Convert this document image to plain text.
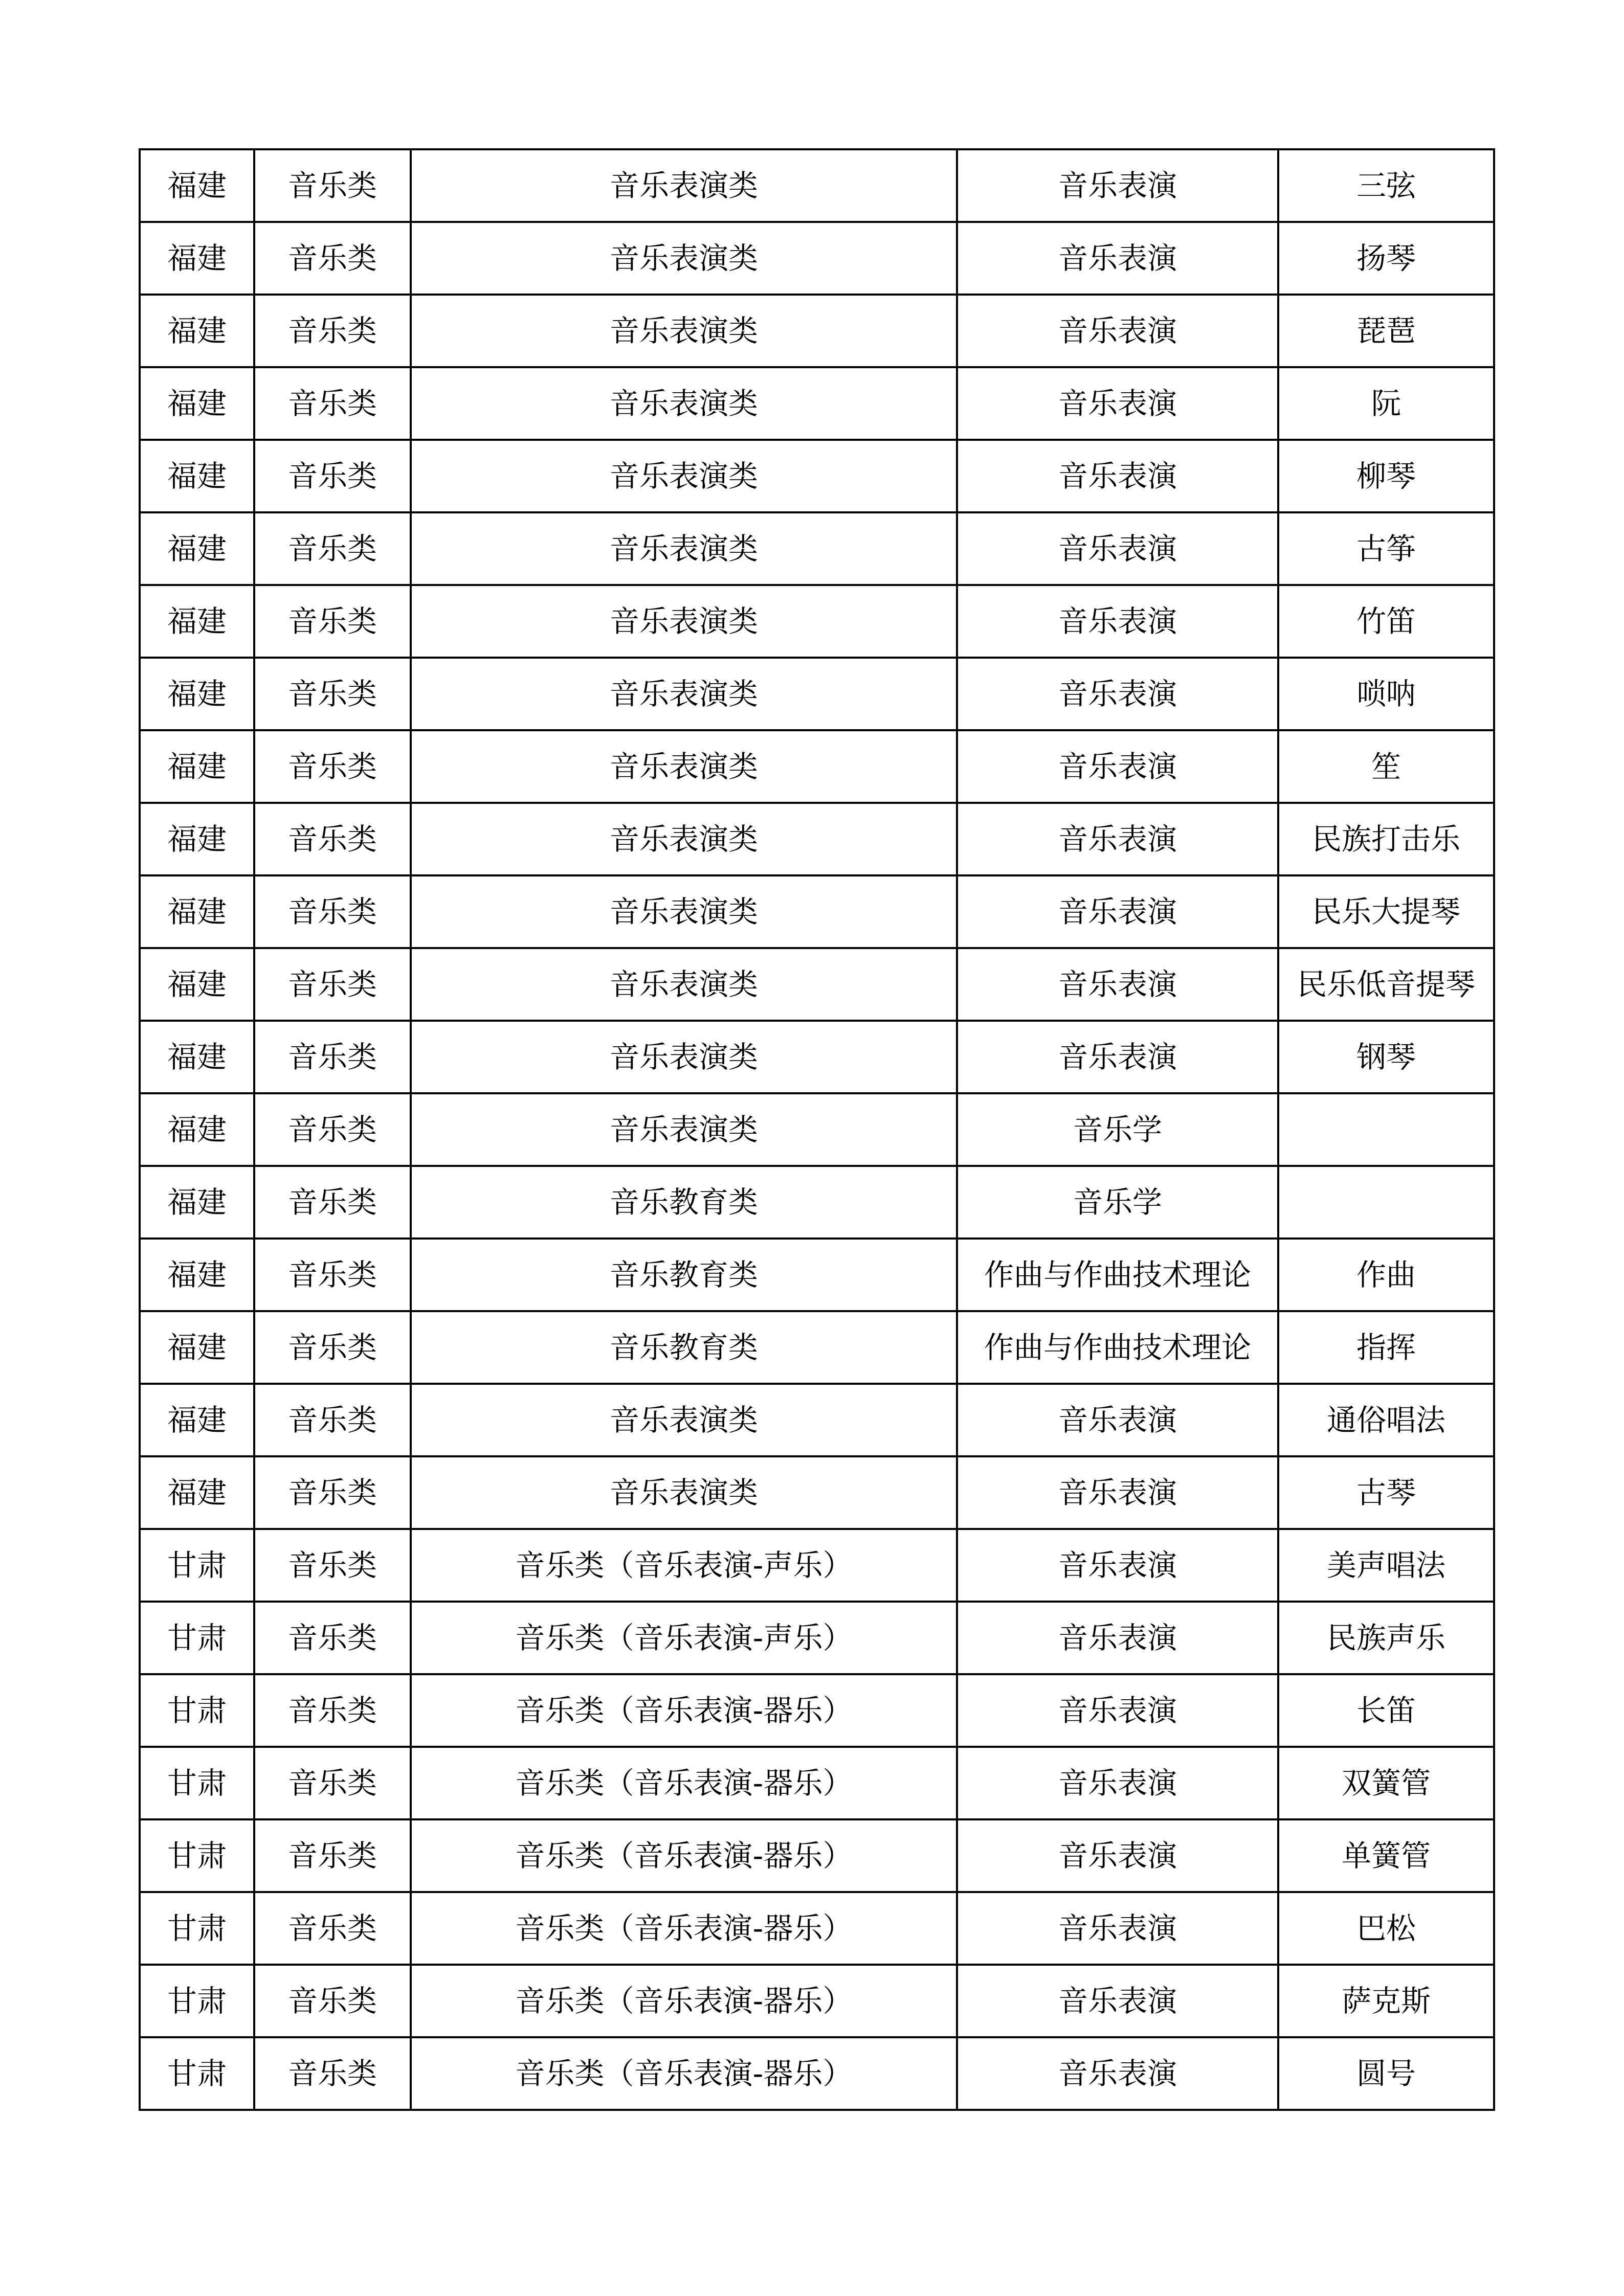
福建	音乐类	音乐表演类	音乐表演	三弦
福建	音乐类	音乐表演类	音乐表演	扬琴
福建	音乐类	音乐表演类	音乐表演	琵琶
福建	音乐类	音乐表演类	音乐表演	阮
福建	音乐类	音乐表演类	音乐表演	柳琴
福建	音乐类	音乐表演类	音乐表演	古筝
福建	音乐类	音乐表演类	音乐表演	竹笛
福建	音乐类	音乐表演类	音乐表演	唢呐
福建	音乐类	音乐表演类	音乐表演	笙
福建	音乐类	音乐表演类	音乐表演	民族打击乐
福建	音乐类	音乐表演类	音乐表演	民乐大提琴
福建	音乐类	音乐表演类	音乐表演	民乐低音提琴
福建	音乐类	音乐表演类	音乐表演	钢琴
福建	音乐类	音乐表演类	音乐学	
福建	音乐类	音乐教育类	音乐学	
福建	音乐类	音乐教育类	作曲与作曲技术理论	作曲
福建	音乐类	音乐教育类	作曲与作曲技术理论	指挥
福建	音乐类	音乐表演类	音乐表演	通俗唱法
福建	音乐类	音乐表演类	音乐表演	古琴
甘肃	音乐类	音乐类（音乐表演-声乐）	音乐表演	美声唱法
甘肃	音乐类	音乐类（音乐表演-声乐）	音乐表演	民族声乐
甘肃	音乐类	音乐类（音乐表演-器乐）	音乐表演	长笛
甘肃	音乐类	音乐类（音乐表演-器乐）	音乐表演	双簧管
甘肃	音乐类	音乐类（音乐表演-器乐）	音乐表演	单簧管
甘肃	音乐类	音乐类（音乐表演-器乐）	音乐表演	巴松
甘肃	音乐类	音乐类（音乐表演-器乐）	音乐表演	萨克斯
甘肃	音乐类	音乐类（音乐表演-器乐）	音乐表演	圆号
